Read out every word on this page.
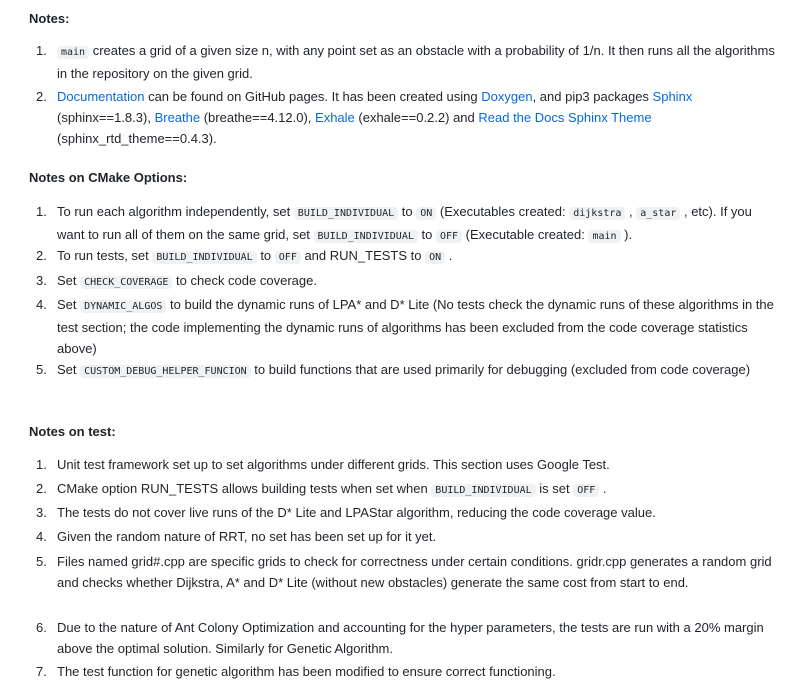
Notes:
1.	main creates a grid of a given size n, with any point set as an obstacle with a probability of 1/n. It then runs all the algorithms in the repository on the given grid.
2. Documentation can be found on GitHub pages. It has been created using Doxygen, and pip3 packages Sphinx (sphinx==1.8.3), Breathe (breathe==4.12.0), Exhale (exhale==0.2.2) and Read the Docs Sphinx Theme (sphinx_rtd_theme==0.4.3).
Notes on CMake Options:
1. To run each algorithm independently, set BUILD_INDIVIDUAL to ON (Executables created: dijkstra , a_star , etc). If you want to run all of them on the same grid, set BUILD_INDIVIDUAL to OFF (Executable created: main ).
2. To run tests, set BUILD_INDIVIDUAL to OFF and RUN_TESTS to ON .
3. Set CHECK_COVERAGE to check code coverage.
4. Set DYNAMIC_ALGOS to build the dynamic runs of LPA* and D* Lite (No tests check the dynamic runs of these algorithms in the test section; the code implementing the dynamic runs of algorithms has been excluded from the code coverage statistics above)
5. Set CUSTOM_DEBUG_HELPER_FUNCION to build functions that are used primarily for debugging (excluded from code coverage)
Notes on test:
1. Unit test framework set up to set algorithms under different grids. This section uses Google Test.
2. CMake option RUN_TESTS allows building tests when set when BUILD_INDIVIDUAL is set OFF .
3. The tests do not cover live runs of the D* Lite and LPAStar algorithm, reducing the code coverage value.
4. Given the random nature of RRT, no set has been set up for it yet.
5. Files named grid#.cpp are specific grids to check for correctness under certain conditions. gridr.cpp generates a random grid and checks whether Dijkstra, A* and D* Lite (without new obstacles) generate the same cost from start to end.
6. Due to the nature of Ant Colony Optimization and accounting for the hyper parameters, the tests are run with a 20% margin above the optimal solution. Similarly for Genetic Algorithm.
7. The test function for genetic algorithm has been modified to ensure correct functioning.
